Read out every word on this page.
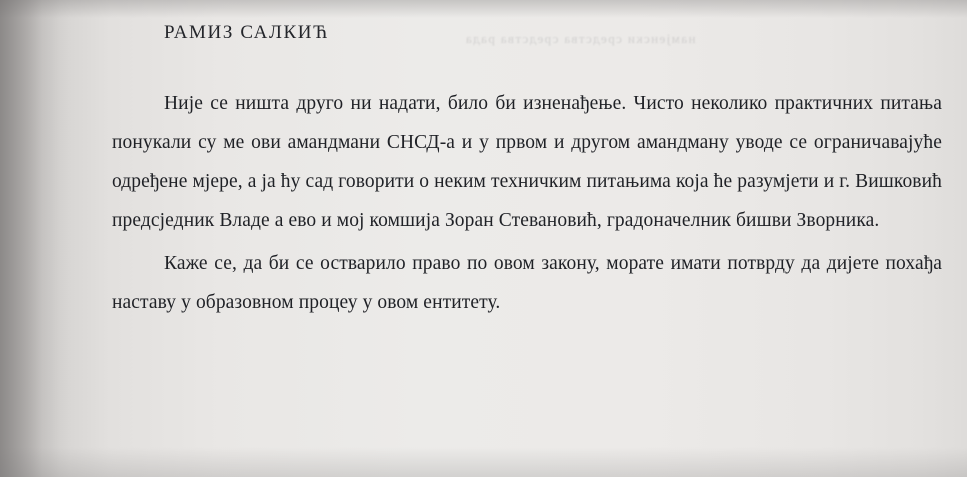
намјенски средства средства рада
РАМИЗ САЛКИЋ

Није се ништа друго ни надати, било би изненађење. Чисто неколико практичних питања понукали су ме ови амандмани СНСД-а и у првом и другом амандману уводе се ограничавајуће одређене мјере, а ја ћу сад говорити о неким техничким питањима која ће разумјети и г. Вишковић предсједник Владе а ево и мој комшија Зоран Стевановић, градоначелник бишви Зворника.

Каже се, да би се остварило право по овом закону, морате имати потврду да дијете похађа наставу у образовном процеу у овом ентитету.
